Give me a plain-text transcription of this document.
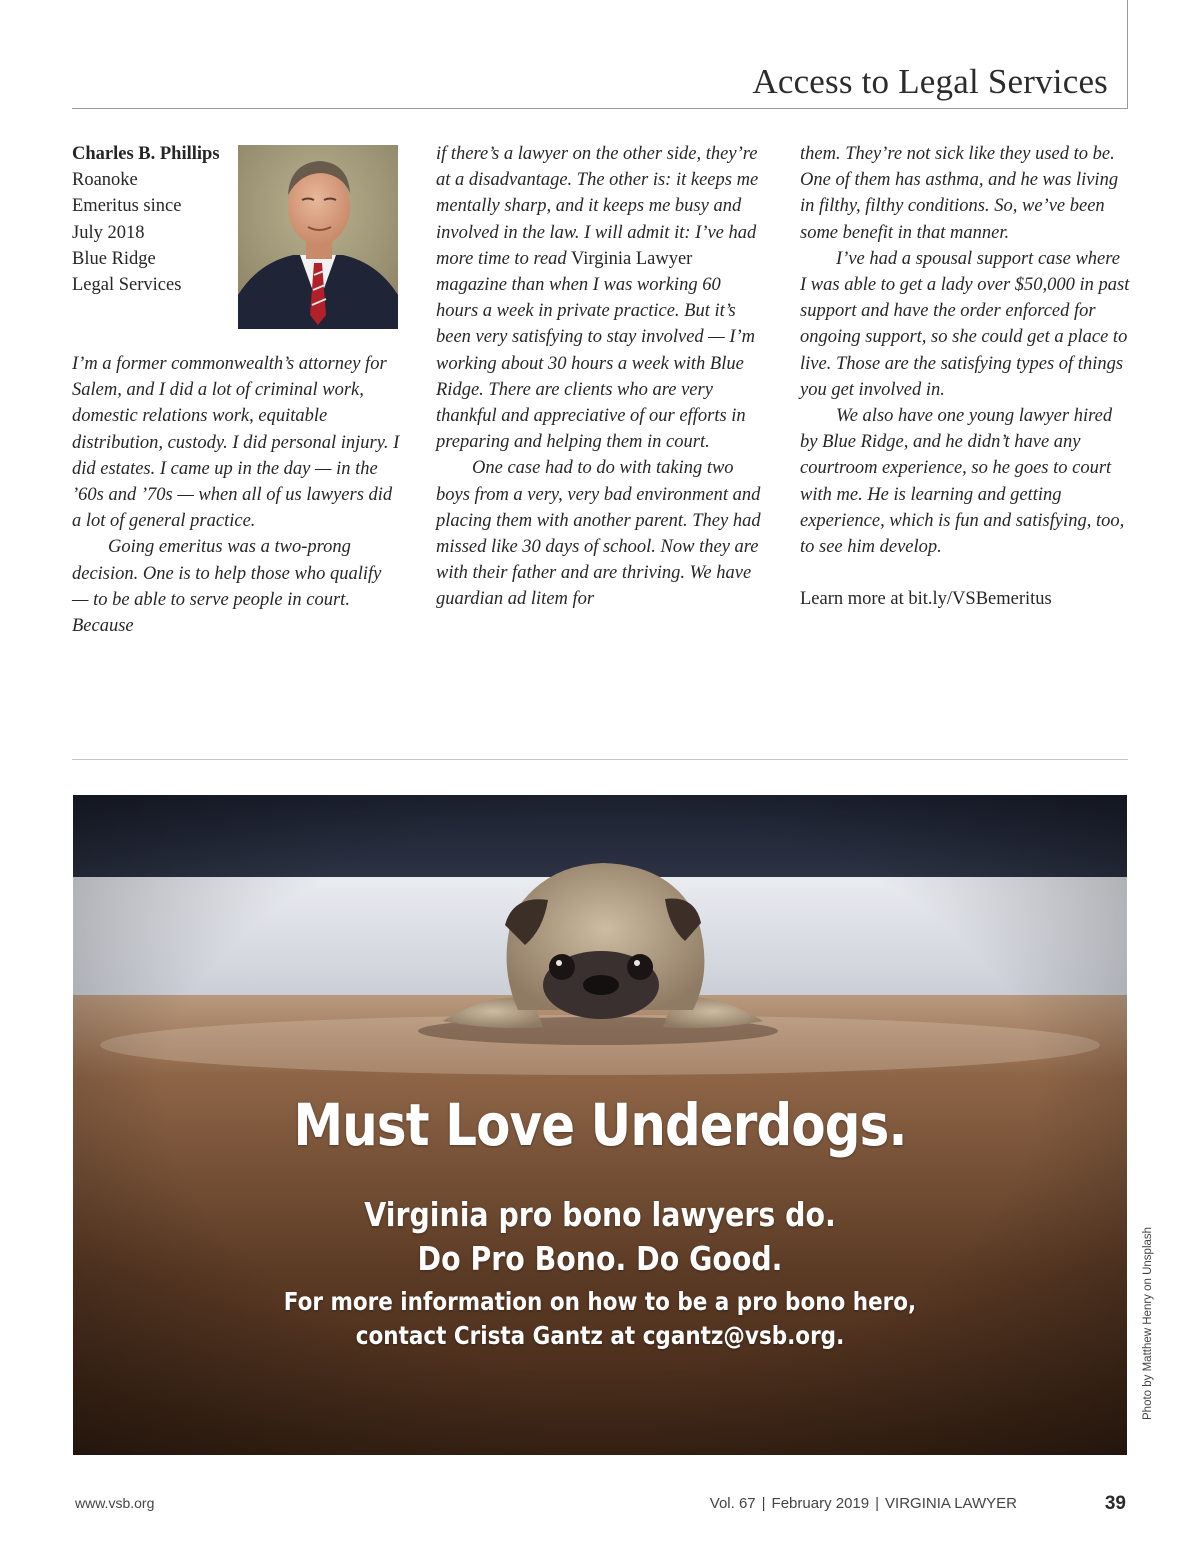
Access to Legal Services
Charles B. Phillips
Roanoke
Emeritus since
July 2018
Blue Ridge
Legal Services

I’m a former commonwealth’s attorney for Salem, and I did a lot of criminal work, domestic relations work, equitable distribution, custody. I did personal injury. I did estates. I came up in the day — in the ’60s and ’70s — when all of us lawyers did a lot of general practice.

Going emeritus was a two-prong decision. One is to help those who qualify — to be able to serve people in court. Because

if there’s a lawyer on the other side, they’re at a disadvantage. The other is: it keeps me mentally sharp, and it keeps me busy and involved in the law. I will admit it: I’ve had more time to read Virginia Lawyer magazine than when I was working 60 hours a week in private practice. But it’s been very satisfying to stay involved — I’m working about 30 hours a week with Blue Ridge. There are clients who are very thankful and appreciative of our efforts in preparing and helping them in court.

One case had to do with taking two boys from a very, very bad environment and placing them with another parent. They had missed like 30 days of school. Now they are with their father and are thriving. We have guardian ad litem for

them. They’re not sick like they used to be. One of them has asthma, and he was living in filthy, filthy conditions. So, we’ve been some benefit in that manner.

I’ve had a spousal support case where I was able to get a lady over $50,000 in past support and have the order enforced for ongoing support, so she could get a place to live. Those are the satisfying types of things you get involved in.

We also have one young lawyer hired by Blue Ridge, and he didn’t have any courtroom experience, so he goes to court with me. He is learning and getting experience, which is fun and satisfying, too, to see him develop.

Learn more at bit.ly/VSBemeritus

Must Love Underdogs.

Virginia pro bono lawyers do.
Do Pro Bono. Do Good.

For more information on how to be a pro bono hero,
contact Crista Gantz at cgantz@vsb.org.	Photo by Matthew Henry on Unsplash
www.vsb.org	Vol. 67 | February 2019 | VIRGINIA LAWYER	39
